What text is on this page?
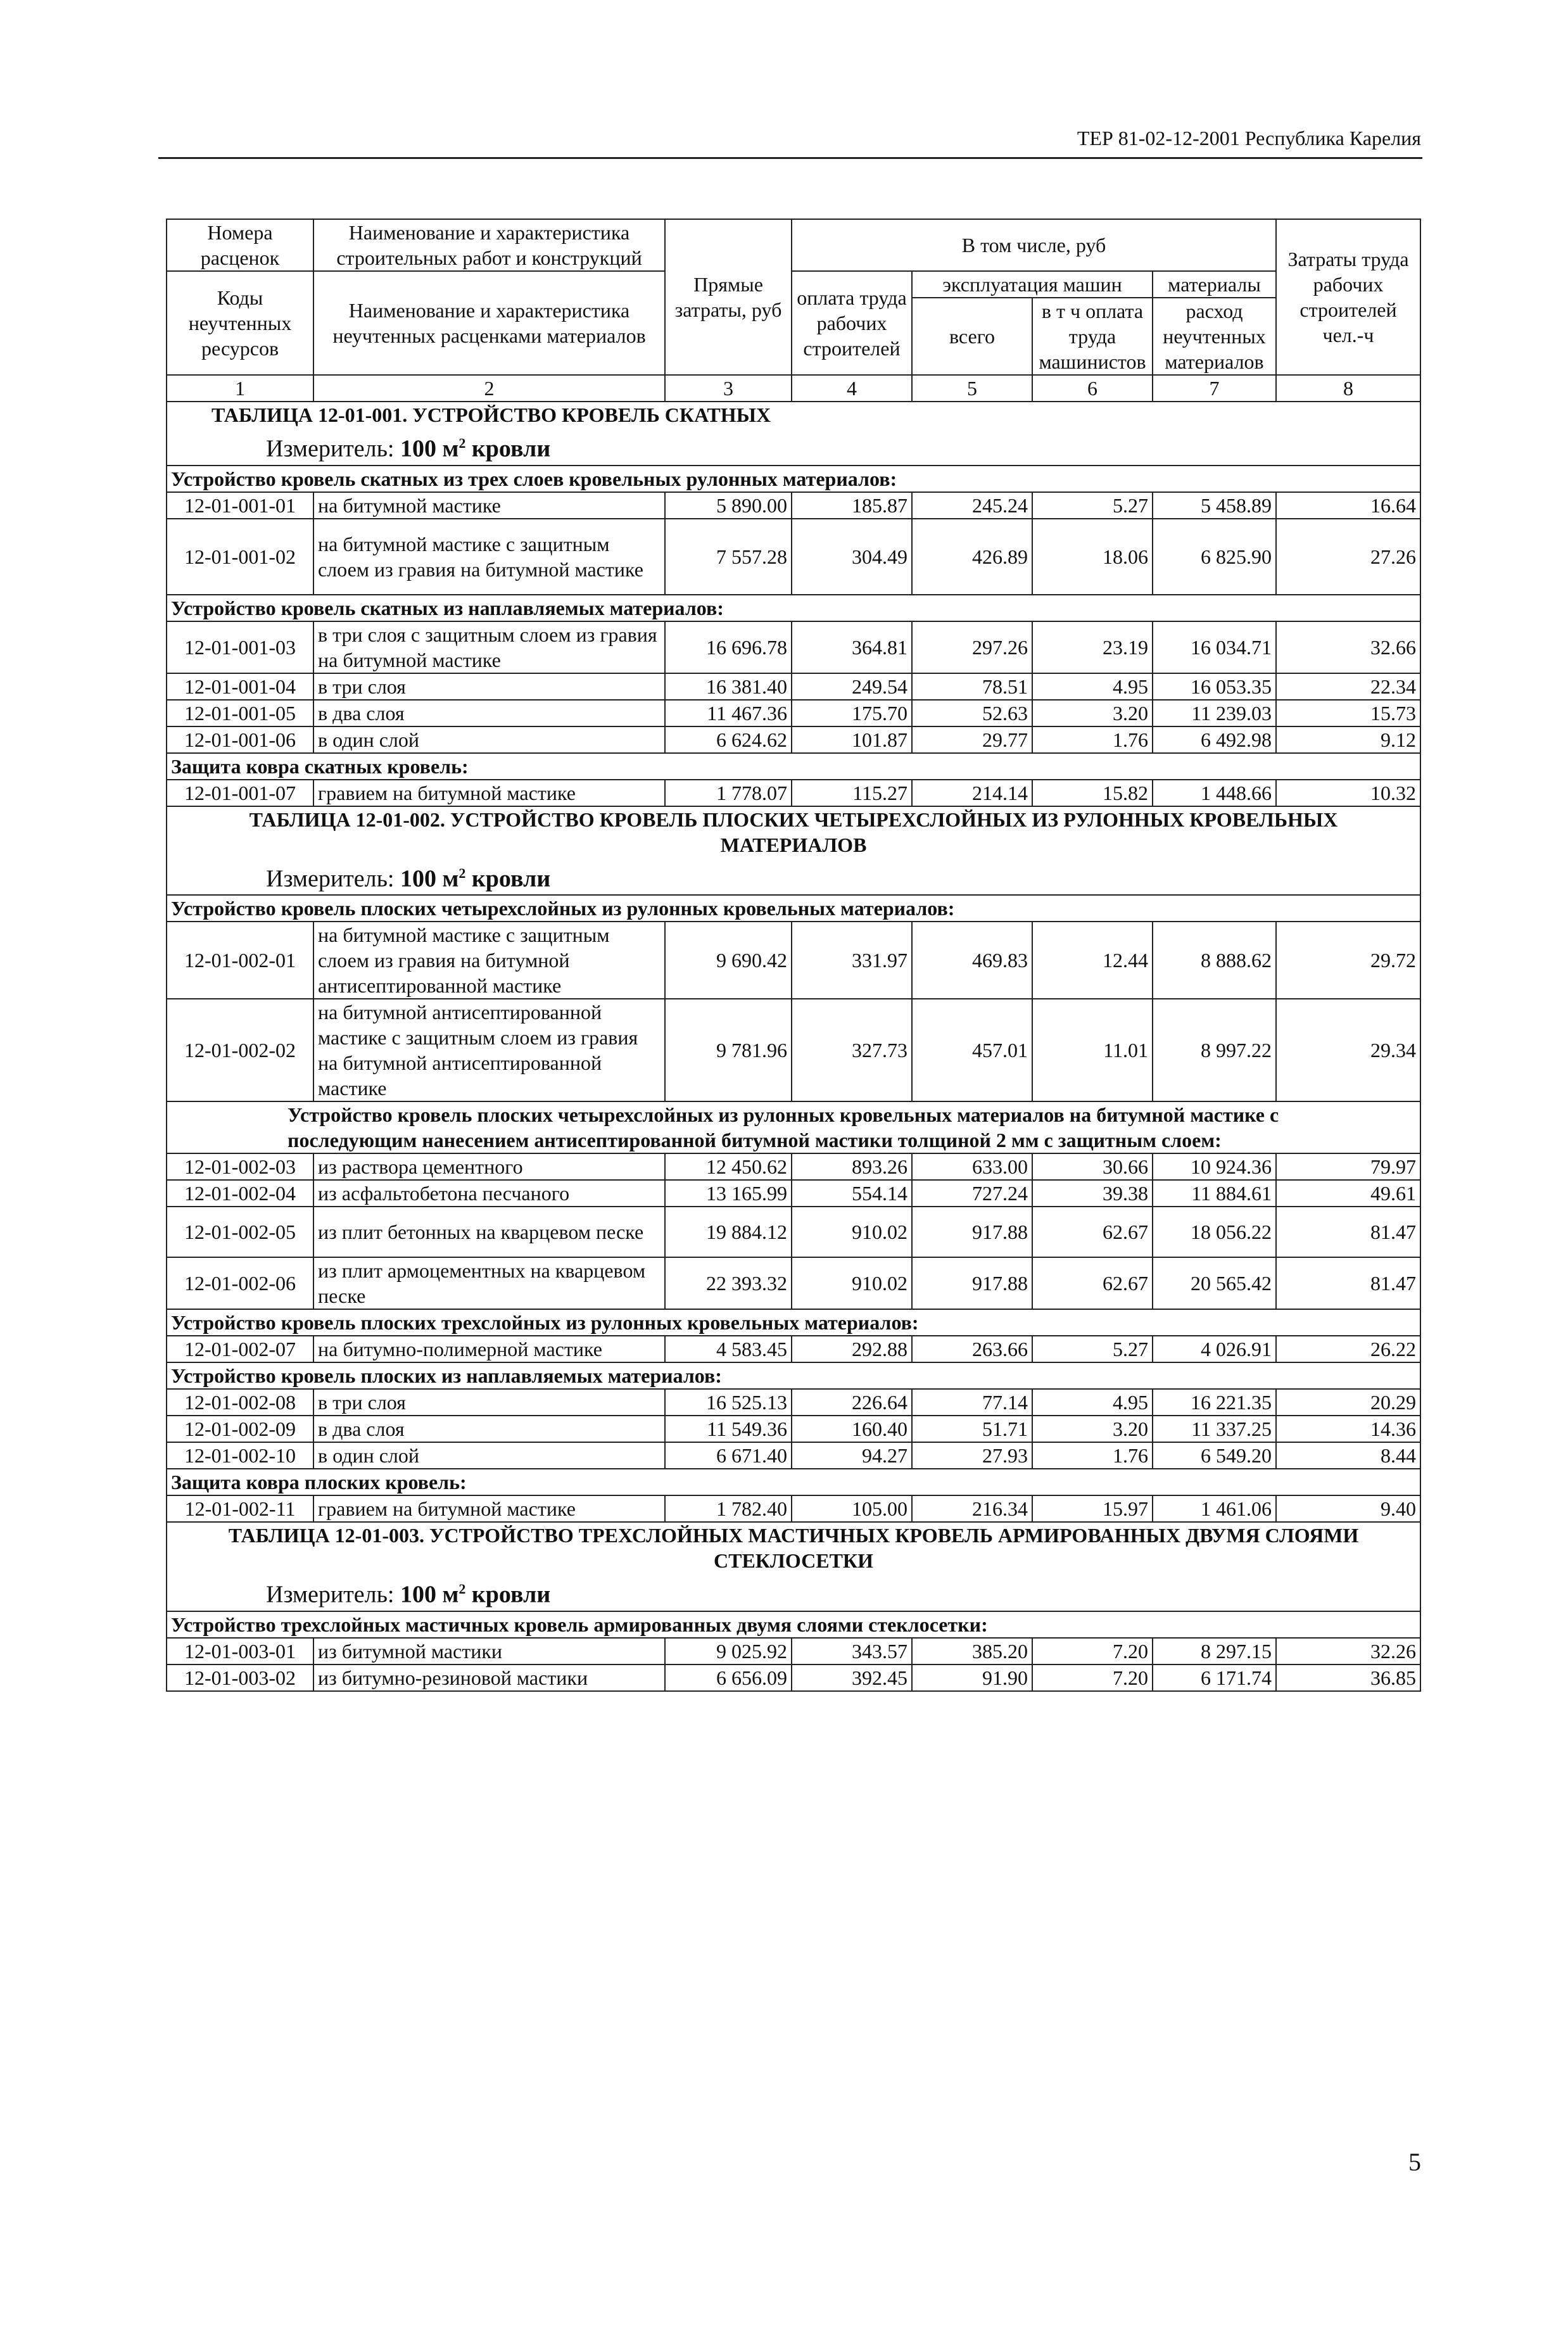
ТЕР 81-02-12-2001 Республика Карелия
Номера расценок	Наименование и характеристика строительных работ и конструкций	Прямые затраты, руб	В том числе, руб				Затраты труда рабочих строителей чел.-ч
Коды неучтенных ресурсов	Наименование и характеристика неучтенных расценками материалов		оплата труда рабочих строителей	эксплуатация машин		материалы	
				всего	в т ч оплата труда машинистов	расход неучтенных материалов	
1	2	3	4	5	6	7	8

ТАБЛИЦА 12-01-001. УСТРОЙСТВО КРОВЕЛЬ СКАТНЫХ
Измеритель: 100 $м^2$ кровли							

Устройство кровель скатных из трех слоев кровельных рулонных материалов:							
12-01-001-01	на битумной мастике	5 890.00	185.87	245.24	5.27	5 458.89	16.64
12-01-001-02	на битумной мастике с защитным слоем из гравия на битумной мастике	7 557.28	304.49	426.89	18.06	6 825.90	27.26
Устройство кровель скатных из наплавляемых материалов:							
12-01-001-03	в три слоя с защитным слоем из гравия на битумной мастике	16 696.78	364.81	297.26	23.19	16 034.71	32.66
12-01-001-04	в три слоя	16 381.40	249.54	78.51	4.95	16 053.35	22.34
12-01-001-05	в два слоя	11 467.36	175.70	52.63	3.20	11 239.03	15.73
12-01-001-06	в один слой	6 624.62	101.87	29.77	1.76	6 492.98	9.12
Защита ковра скатных кровель:							
12-01-001-07	гравием на битумной мастике	1 778.07	115.27	214.14	15.82	1 448.66	10.32

ТАБЛИЦА 12-01-002. УСТРОЙСТВО КРОВЕЛЬ ПЛОСКИХ ЧЕТЫРЕХСЛОЙНЫХ ИЗ РУЛОННЫХ КРОВЕЛЬНЫХ МАТЕРИАЛОВ
Измеритель: 100 $м^2$ кровли							

Устройство кровель плоских четырехслойных из рулонных кровельных материалов:							
12-01-002-01	на битумной мастике с защитным слоем из гравия на битумной антисептированной мастике	9 690.42	331.97	469.83	12.44	8 888.62	29.72
12-01-002-02	на битумной антисептированной мастике с защитным слоем из гравия на битумной антисептированной мастике	9 781.96	327.73	457.01	11.01	8 997.22	29.34
Устройство кровель плоских четырехслойных из рулонных кровельных материалов на битумной мастике с последующим нанесением антисептированной битумной мастики толщиной 2 мм с защитным слоем:							
12-01-002-03	из раствора цементного	12 450.62	893.26	633.00	30.66	10 924.36	79.97
12-01-002-04	из асфальтобетона песчаного	13 165.99	554.14	727.24	39.38	11 884.61	49.61
12-01-002-05	из плит бетонных на кварцевом песке	19 884.12	910.02	917.88	62.67	18 056.22	81.47
12-01-002-06	из плит армоцементных на кварцевом песке	22 393.32	910.02	917.88	62.67	20 565.42	81.47
Устройство кровель плоских трехслойных из рулонных кровельных материалов:							
12-01-002-07	на битумно-полимерной мастике	4 583.45	292.88	263.66	5.27	4 026.91	26.22
Устройство кровель плоских из наплавляемых материалов:							
12-01-002-08	в три слоя	16 525.13	226.64	77.14	4.95	16 221.35	20.29
12-01-002-09	в два слоя	11 549.36	160.40	51.71	3.20	11 337.25	14.36
12-01-002-10	в один слой	6 671.40	94.27	27.93	1.76	6 549.20	8.44
Защита ковра плоских кровель:							
12-01-002-11	гравием на битумной мастике	1 782.40	105.00	216.34	15.97	1 461.06	9.40

ТАБЛИЦА 12-01-003. УСТРОЙСТВО ТРЕХСЛОЙНЫХ МАСТИЧНЫХ КРОВЕЛЬ АРМИРОВАННЫХ ДВУМЯ СЛОЯМИ СТЕКЛОСЕТКИ
Измеритель: 100 $м^2$ кровли							

Устройство трехслойных мастичных кровель армированных двумя слоями стеклосетки:							
12-01-003-01	из битумной мастики	9 025.92	343.57	385.20	7.20	8 297.15	32.26
12-01-003-02	из битумно-резиновой мастики	6 656.09	392.45	91.90	7.20	6 171.74	36.85
5
